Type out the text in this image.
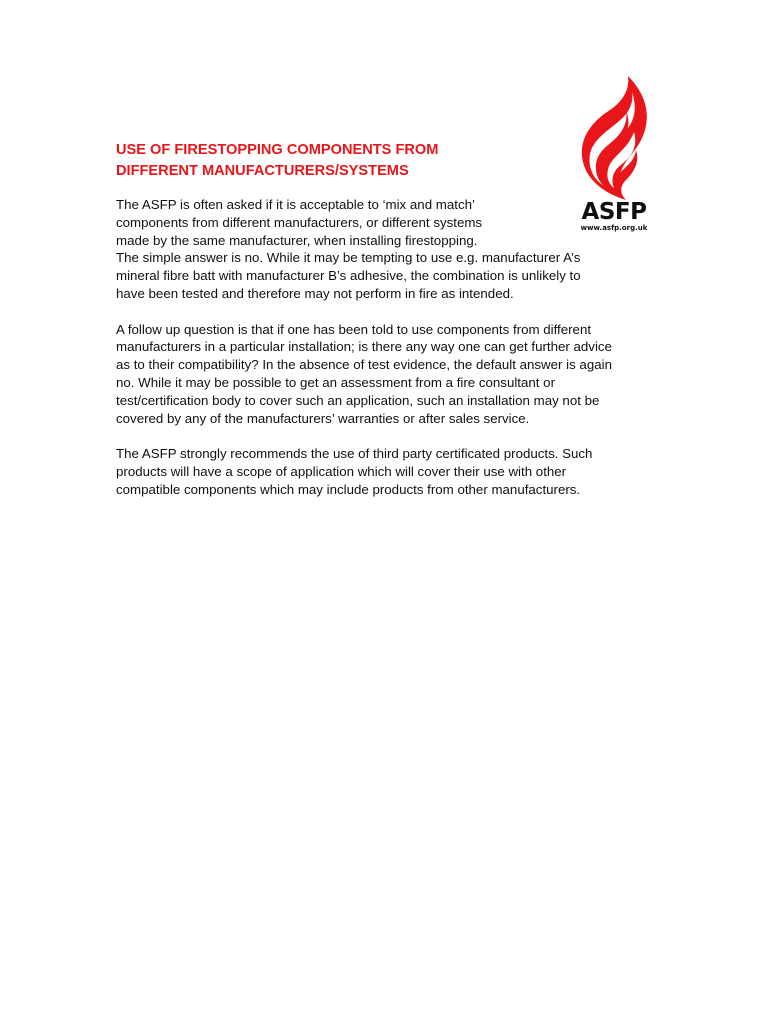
ASFP
www.asfp.org.uk
USE OF FIRESTOPPING COMPONENTS FROM
DIFFERENT MANUFACTURERS/SYSTEMS

The ASFP is often asked if it is acceptable to ‘mix and match’
components from different manufacturers, or different systems
made by the same manufacturer, when installing firestopping.
The simple answer is no. While it may be tempting to use e.g. manufacturer A’s
mineral fibre batt with manufacturer B’s adhesive, the combination is unlikely to
have been tested and therefore may not perform in fire as intended.

A follow up question is that if one has been told to use components from different
manufacturers in a particular installation; is there any way one can get further advice
as to their compatibility? In the absence of test evidence, the default answer is again
no. While it may be possible to get an assessment from a fire consultant or
test/certification body to cover such an application, such an installation may not be
covered by any of the manufacturers’ warranties or after sales service.

The ASFP strongly recommends the use of third party certificated products. Such
products will have a scope of application which will cover their use with other
compatible components which may include products from other manufacturers.
